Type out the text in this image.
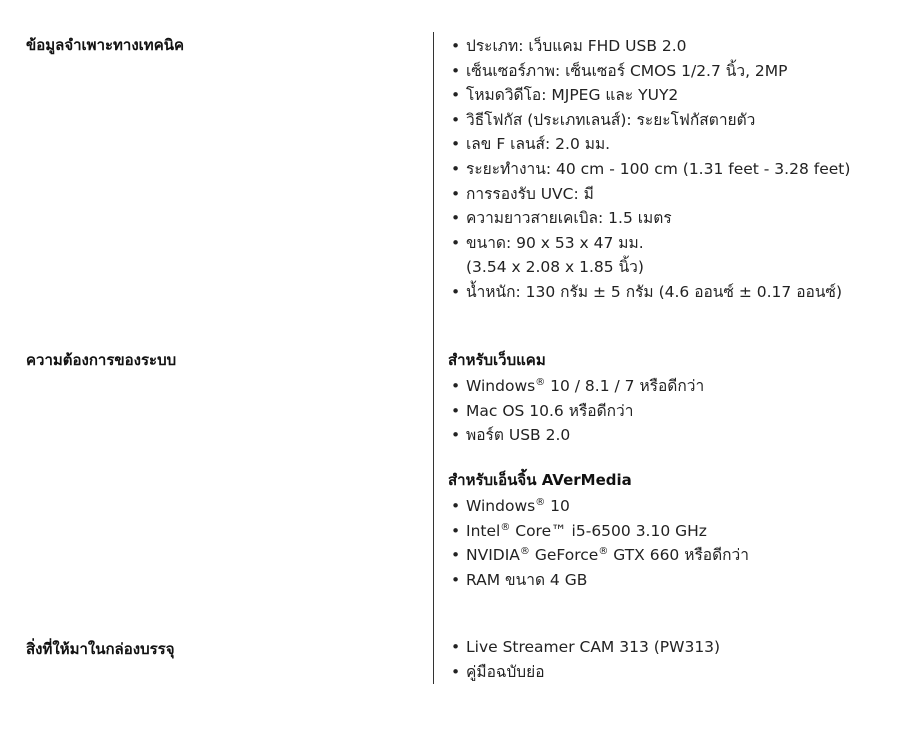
ข้อมูลจำเพาะทางเทคนิค	• ประเภท: เว็บแคม FHD USB 2.0
• เซ็นเซอร์ภาพ: เซ็นเซอร์ CMOS 1/2.7 นิ้ว, 2MP
• โหมดวิดีโอ: MJPEG และ YUY2
• วิธีโฟกัส (ประเภทเลนส์): ระยะโฟกัสตายตัว
• เลข F เลนส์: 2.0 มม.
• ระยะทำงาน: 40 cm - 100 cm (1.31 feet - 3.28 feet)
• การรองรับ UVC: มี
• ความยาวสายเคเบิล: 1.5 เมตร
• ขนาด: 90 x 53 x 47 มม.
(3.54 x 2.08 x 1.85 นิ้ว)
• น้ำหนัก: 130 กรัม ± 5 กรัม (4.6 ออนซ์ ± 0.17 ออนซ์)
ความต้องการของระบบ	สำหรับเว็บแคม
• Windows® 10 / 8.1 / 7 หรือดีกว่า
• Mac OS 10.6 หรือดีกว่า
• พอร์ต USB 2.0
สำหรับเอ็นจิ้น AVerMedia
• Windows® 10
• Intel® Core™ i5-6500 3.10 GHz
• NVIDIA® GeForce® GTX 660 หรือดีกว่า
• RAM ขนาด 4 GB
สิ่งที่ให้มาในกล่องบรรจุ	• Live Streamer CAM 313 (PW313)
• คู่มือฉบับย่อ
